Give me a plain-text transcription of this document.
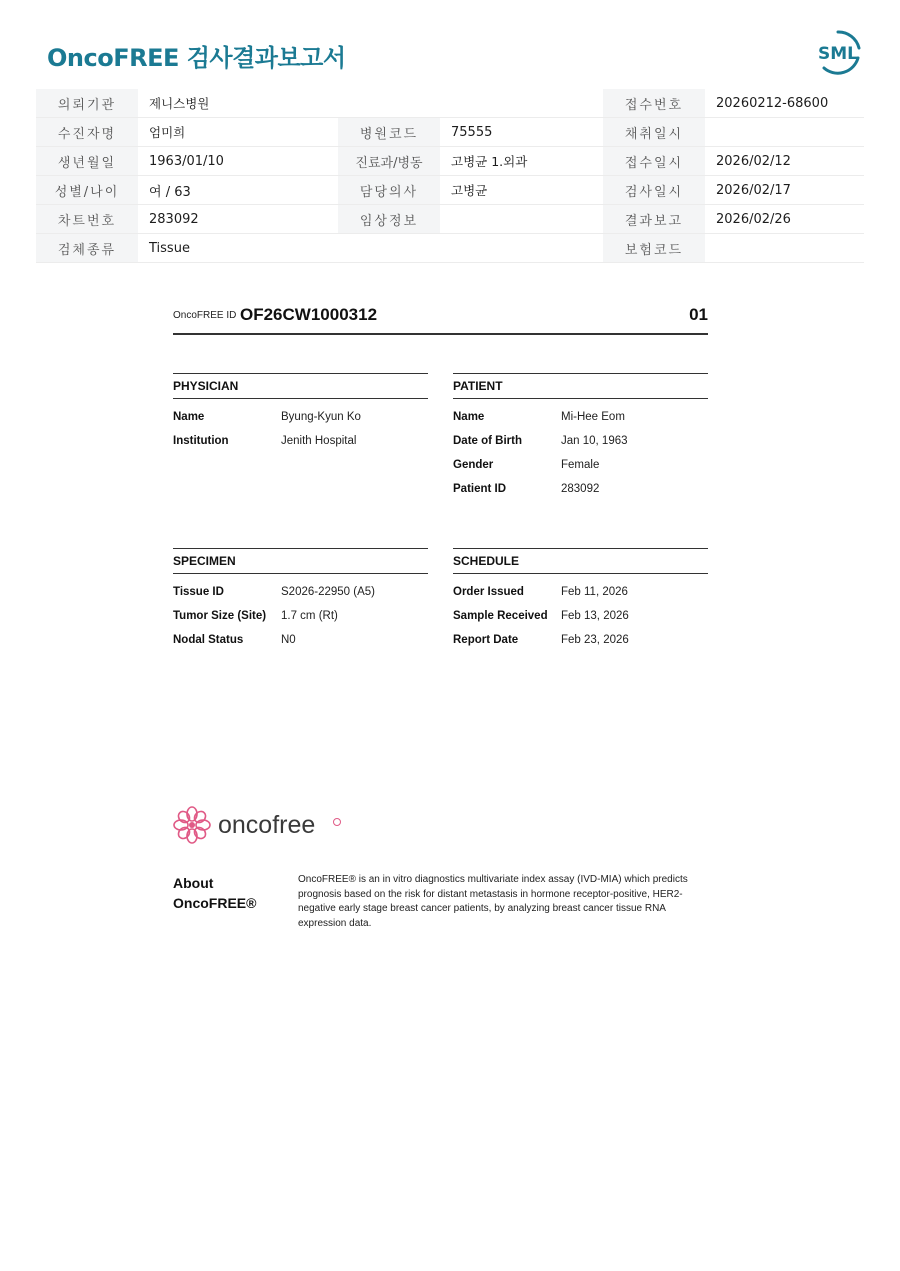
OncoFREE 검사결과보고서	SML
의뢰기관	제니스병원			접수번호	20260212-68600
수진자명	엄미희	병원코드	75555	채취일시	
생년월일	1963/01/10	진료과/병동	고병균 1.외과	접수일시	2026/02/12
성별/나이	여 / 63	담당의사	고병균	검사일시	2026/02/17
차트번호	283092	임상정보		결과보고	2026/02/26
검체종류	Tissue			보험코드	
OncoFREE ID OF26CW1000312	01
PHYSICIAN
Name	Byung-Kyun Ko
Institution	Jenith Hospital
PATIENT
Name	Mi-Hee Eom
Date of Birth	Jan 10, 1963
Gender	Female
Patient ID	283092
SPECIMEN
Tissue ID	S2026-22950 (A5)
Tumor Size (Site) 1.7 cm (Rt)
Nodal Status	N0
SCHEDULE
Order Issued	Feb 11, 2026
Sample Received Feb 13, 2026
Report Date	Feb 23, 2026
oncofree
About
OncoFREE®
OncoFREE® is an in vitro diagnostics multivariate index assay (IVD-MIA) which predicts prognosis based on the risk for distant metastasis in hormone receptor-positive, HER2-negative early stage breast cancer patients, by analyzing breast cancer tissue RNA expression data.
